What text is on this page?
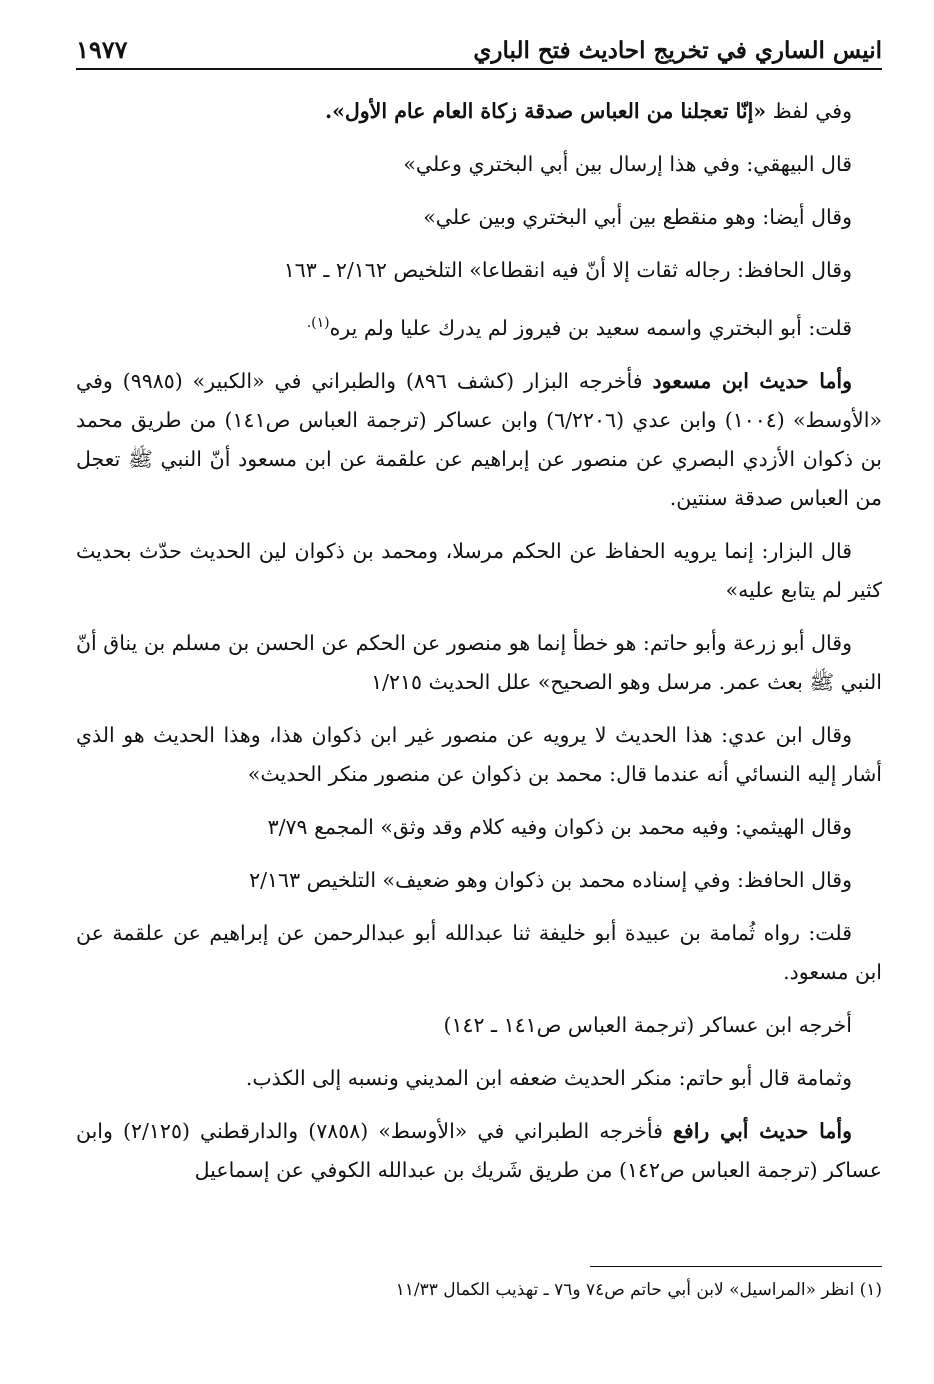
انيس الساري في تخريج احاديث فتح الباري
١٩٧٧

وفي لفظ «إنّا تعجلنا من العباس صدقة زكاة العام عام الأول».

قال البيهقي: وفي هذا إرسال بين أبي البختري وعلي»

وقال أيضا: وهو منقطع بين أبي البختري وبين علي»

وقال الحافظ: رجاله ثقات إلا أنّ فيه انقطاعا» التلخيص ٢/١٦٢ ـ ١٦٣

قلت: أبو البختري واسمه سعيد بن فيروز لم يدرك عليا ولم يره$^{(١).}$

وأما حديث ابن مسعود فأخرجه البزار (كشف ٨٩٦) والطبراني في «الكبير» (٩٩٨٥) وفي «الأوسط» (١٠٠٤) وابن عدي (٦/٢٢٠٦) وابن عساكر (ترجمة العباس ص١٤١) من طريق محمد بن ذكوان الأزدي البصري عن منصور عن إبراهيم عن علقمة عن ابن مسعود أنّ النبي ﷺ تعجل من العباس صدقة سنتين.

قال البزار: إنما يرويه الحفاظ عن الحكم مرسلا، ومحمد بن ذكوان لين الحديث حدّث بحديث كثير لم يتابع عليه»

وقال أبو زرعة وأبو حاتم: هو خطأ إنما هو منصور عن الحكم عن الحسن بن مسلم بن يناق أنّ النبي ﷺ بعث عمر. مرسل وهو الصحيح» علل الحديث ١/٢١٥

وقال ابن عدي: هذا الحديث لا يرويه عن منصور غير ابن ذكوان هذا، وهذا الحديث هو الذي أشار إليه النسائي أنه عندما قال: محمد بن ذكوان عن منصور منكر الحديث»

وقال الهيثمي: وفيه محمد بن ذكوان وفيه كلام وقد وثق» المجمع ٣/٧٩

وقال الحافظ: وفي إسناده محمد بن ذكوان وهو ضعيف» التلخيص ٢/١٦٣

قلت: رواه ثُمامة بن عبيدة أبو خليفة ثنا عبدالله أبو عبدالرحمن عن إبراهيم عن علقمة عن ابن مسعود.

أخرجه ابن عساكر (ترجمة العباس ص١٤١ ـ ١٤٢)

وثمامة قال أبو حاتم: منكر الحديث ضعفه ابن المديني ونسبه إلى الكذب.

وأما حديث أبي رافع فأخرجه الطبراني في «الأوسط» (٧٨٥٨) والدارقطني (٢/١٢٥) وابن عساكر (ترجمة العباس ص١٤٢) من طريق شَريك بن عبدالله الكوفي عن إسماعيل

(١) انظر «المراسيل» لابن أبي حاتم ص٧٤ و٧٦ ـ تهذيب الكمال ١١/٣٣
